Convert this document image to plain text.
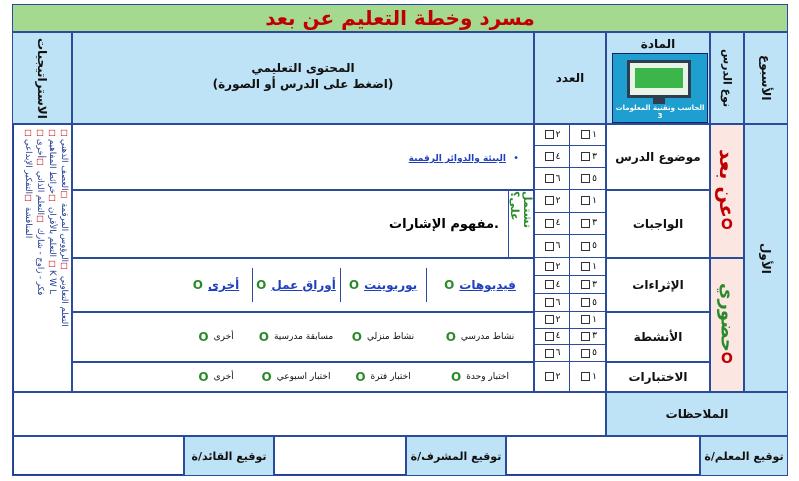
مسرد وخطة التعليم عن بعد
الأسبوع
نوع الدرس
المادة
الحاسب وتقنية المعلومات 3
العدد
المحتوى التعليمي
(اضغط على الدرس أو الصورة)
الاستراتيجيات
الأول
عن بعد
O
حضوري
O
موضوع الدرس
الواجبات
الإثراءات
الأنشطة
الاختبارات
١
٢
٣
٤
٥
٦
١
٢
٣
٤
٥
٦
١
٢
٣
٤
٥
٦
١
٢
٣
٤
٥
٦
١
٢
البيئة والدوائر الرقمية •
مفهوم الإشارات.	تشتمل على؟
O فيديوهات
O بوربوينت
O أوراق عمل
O أخرى
O نشاط مدرسي
O نشاط منزلي
O مسابقة مدرسية
O أخرى
O اختبار وحدة
O اختبار فترة
O اختبار اسبوعي
O أخرى
☐التعلم التعاوني☐الرؤوس المرقمة☐العصف الذهني
☐التعلم بالأقران☐خرائط المفاهيم☐K W L
☐فكر - زاوج - شارك☐التعلم الذاتي☐أخرى
☐المناقشة☐التفكير الإبداعي
الملاحظات
توقيع المعلم/ة
توقيع المشرف/ة
توقيع القائد/ة
